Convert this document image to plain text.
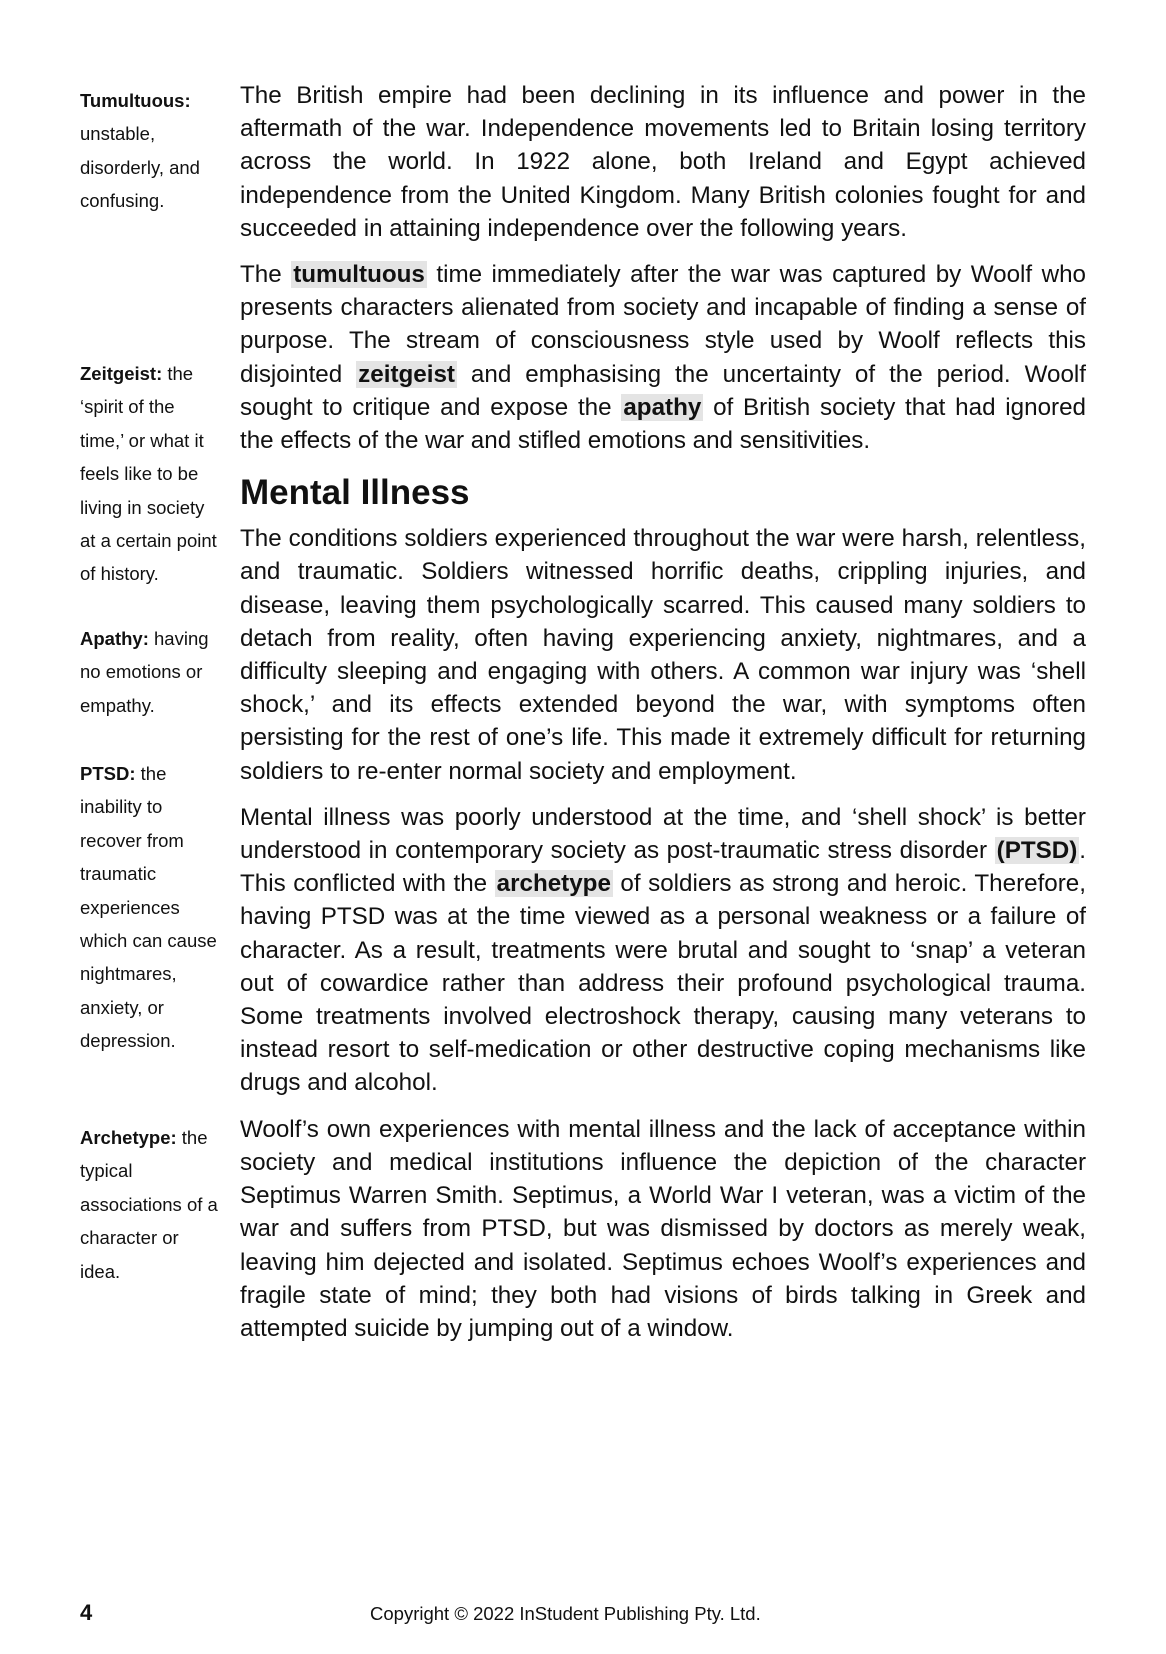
Tumultuous: unstable, disorderly, and confusing.
Zeitgeist: the ‘spirit of the time,’ or what it feels like to be living in society at a certain point of history.
Apathy: having no emotions or empathy.
PTSD: the inability to recover from traumatic experiences which can cause nightmares, anxiety, or depression.
Archetype: the typical associations of a character or idea.

The British empire had been declining in its influence and power in the aftermath of the war. Independence movements led to Britain losing territory across the world. In 1922 alone, both Ireland and Egypt achieved independence from the United Kingdom. Many British colonies fought for and succeeded in attaining independence over the following years.

The tumultuous time immediately after the war was captured by Woolf who presents characters alienated from society and incapable of finding a sense of purpose. The stream of consciousness style used by Woolf reflects this disjointed zeitgeist and emphasising the uncertainty of the period. Woolf sought to critique and expose the apathy of British society that had ignored the effects of the war and stifled emotions and sensitivities.

Mental Illness

The conditions soldiers experienced throughout the war were harsh, relentless, and traumatic. Soldiers witnessed horrific deaths, crippling injuries, and disease, leaving them psychologically scarred. This caused many soldiers to detach from reality, often having experiencing anxiety, nightmares, and a difficulty sleeping and engaging with others. A common war injury was ‘shell shock,’ and its effects extended beyond the war, with symptoms often persisting for the rest of one’s life. This made it extremely difficult for returning soldiers to re-enter normal society and employment.

Mental illness was poorly understood at the time, and ‘shell shock’ is better understood in contemporary society as post-traumatic stress disorder (PTSD). This conflicted with the archetype of soldiers as strong and heroic. Therefore, having PTSD was at the time viewed as a personal weakness or a failure of character. As a result, treatments were brutal and sought to ‘snap’ a veteran out of cowardice rather than address their profound psychological trauma. Some treatments involved electroshock therapy, causing many veterans to instead resort to self-medication or other destructive coping mechanisms like drugs and alcohol.

Woolf’s own experiences with mental illness and the lack of acceptance within society and medical institutions influence the depiction of the character Septimus Warren Smith. Septimus, a World War I veteran, was a victim of the war and suffers from PTSD, but was dismissed by doctors as merely weak, leaving him dejected and isolated. Septimus echoes Woolf’s experiences and fragile state of mind; they both had visions of birds talking in Greek and attempted suicide by jumping out of a window.

4	Copyright © 2022 InStudent Publishing Pty. Ltd.
